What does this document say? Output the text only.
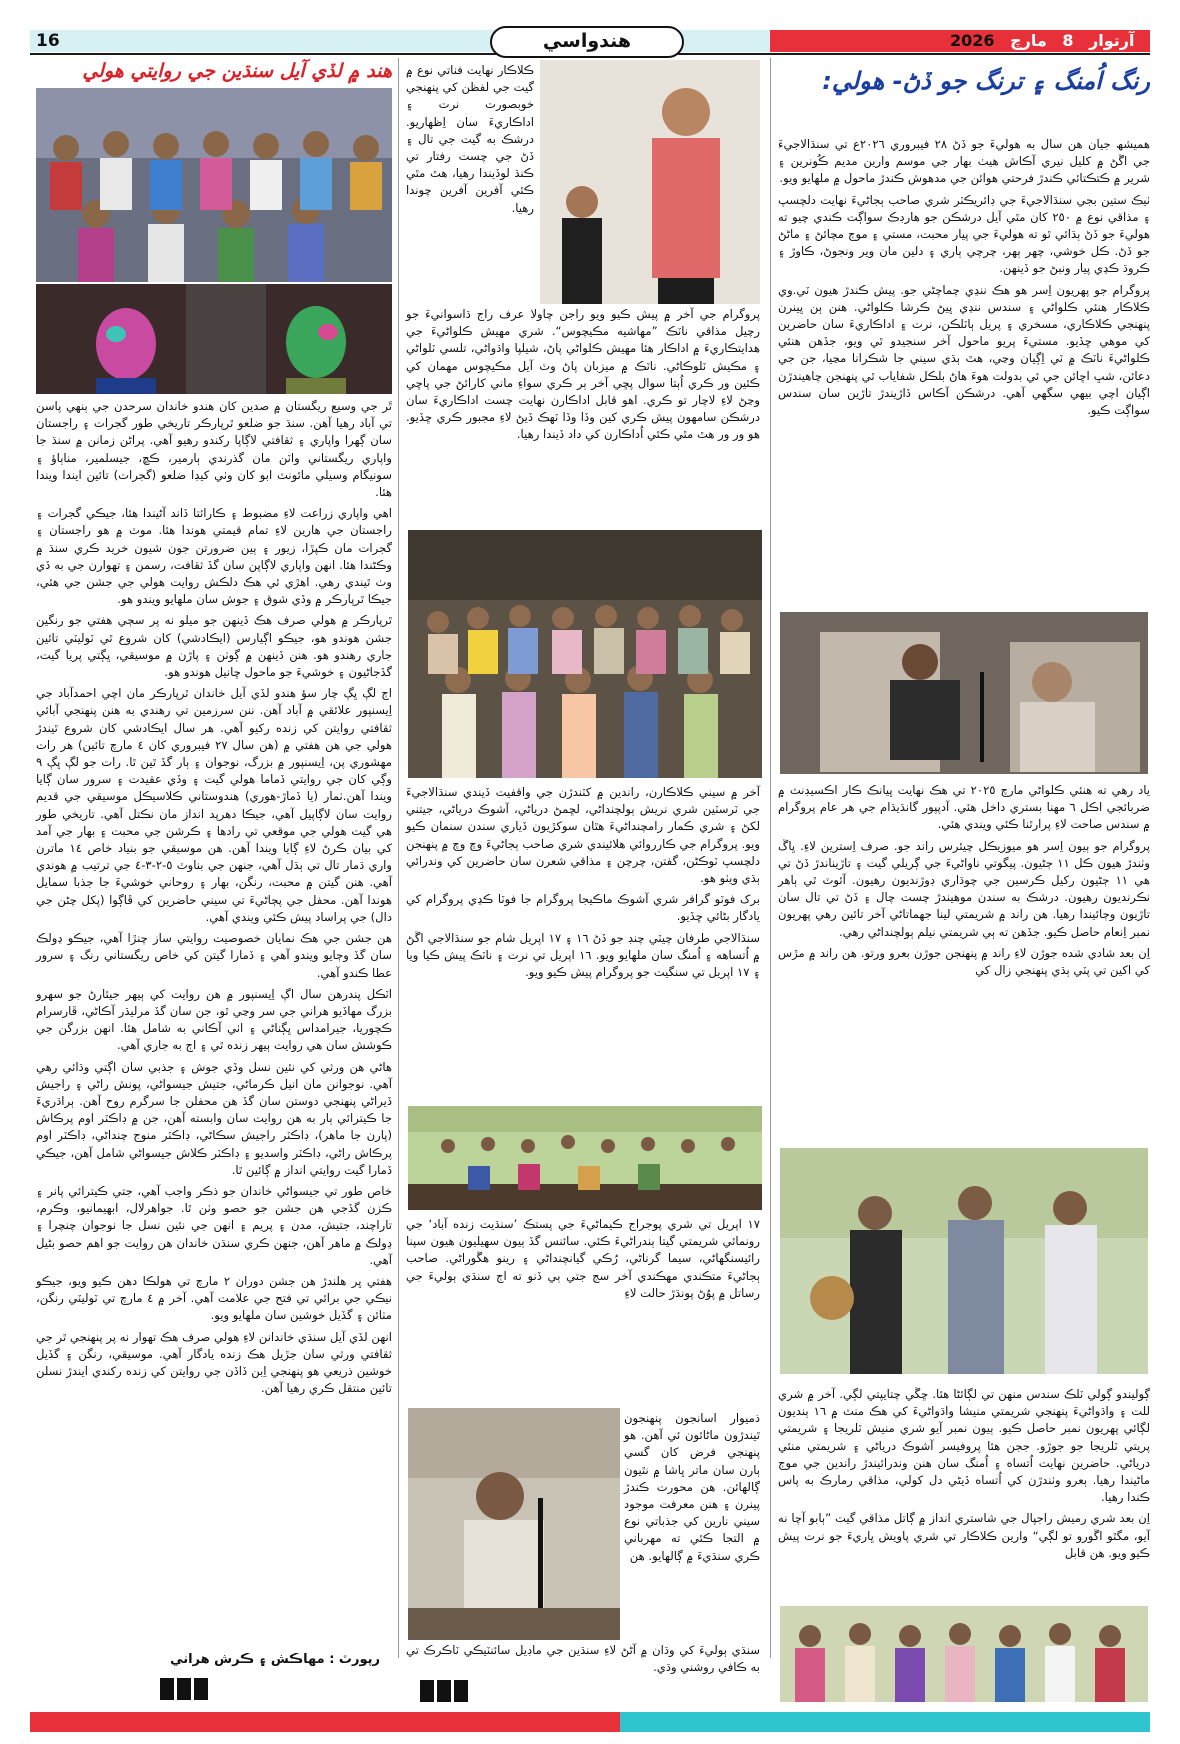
16	هندواسي	آرتوار 8 مارچ 2026
رنگ اُمنگ ۽ ترنگ جو ڏڻ- هولي:

هميشھ جيان هن سال به هوليءَ جو ڏڻ ٢٨ فيبروري ٢٠٢٦ع تي سنڌالاجيءَ جي اڱڻ ۾ کليل نيري آڪاش هيٺ بهار جي موسم وارين مديم ڪُونرين ۽ شرير ۾ ڪتڪتائي ڪندڙ فرحتي هوائن جي مدهوش ڪندڙ ماحول ۾ ملهايو ويو.

ٺيڪ ستين بجي سنڌالاجيءَ جي ڊائريڪٽر شري صاحب ٻجاڻيءَ نهايت دلچسپ ۽ مذاقي نوع ۾ ٢٥٠ کان مٿي آيل درشڪن جو هارڊڪ سواڳت ڪندي چيو ته هوليءَ جو ڏڻ ٻڌائي ٿو ته هوليءَ جي پيار محبت، مستي ۽ موڄ مچائڻ ۽ ماڻڻ جو ڏڻ. ڪل خوشي، چهر ٻهر، چرچي ٻاري ۽ دلين مان وير ونجوڻ، ڪاوڙ ۽ ڪروڌ ڪڍي پيار ونبڻ جو ڏينهن.

پروگرام جو پهريون اِسر هو هڪ ننڍي چماچڻي جو. پيش ڪندڙ هيون ٽي.وي ڪلاڪار هنئي ڪلواڻي ۽ سندس ننڍي ڀيڻ ڪرشا ڪلواڻي. هنن ٻن ڀينرن پنهنجي ڪلاڪاري، مسخري ۽ پريل ٻاٽلڪن، نرت ۽ اداڪاريءَ سان حاضرين کي موهي ڇڏيو. مستيءَ پريو ماحول آخر سنجيدو ٿي ويو، جڏهن هنئي ڪلواڻيءَ ناٽڪ ۾ ٽي اِڳيان وڃي، هٿ ٻڌي سيني جا شڪرانا مڃيا، جن جي دعائن، شڀ اڇائن جي ئي بدولت هوءَ هاڻ بلڪل شفاياب ٿي پنهنجن چاهيندڙن اڳيان اچي بيهي سگهي آهي. درشڪن آڪاس ڏاڙيندڙ تاڙين سان سندس سواڳت ڪيو.

ياد رهي ته هنئي ڪلواڻي مارچ ٢٠٢٥ تي هڪ نهايت ڀيانڪ ڪار اڪسيڊنٽ ۾ ضربائجي اڪل ٦ مهنا بستري داخل هئي. آدپپور گانڌيڌام جي هر عام پروگرام ۾ سندس صاحت لاءِ پرارٿنا ڪئي ويندي هئي.

پروگرام جو ٻيون اِسر هو ميوزيڪل چيئرس راند جو. صرف اِسترين لاءِ. ڀاڱ وٺندڙ هيون ڪل ١١ ڄڻيون. پيگوتي ناواڻيءَ جي ڳريلي گيت ۽ تاڙيناندڙ ڏڻ تي هي ١١ ڄڻيون رکيل ڪرسين جي چوڌاري ڊوڙنديون رهيون. آئوٽ ٿي ٻاهر نڪرنديون رهيون. درشڪ به سندن موهيندڙ چست چال ۽ ڏڻ تي تال سان تاڙيون وڄائيندا رهيا. هن راند ۾ شريمتي لينا جهماتاڻي آخر تائين رهي پهريون نمبر اِنعام حاصل ڪيو. جڏهن ته ٻي شريمتي نيلم ٻولچنداڻي رهي.

اِن بعد شادي شده جوڙن لاءِ راند ۾ پنهنجن جوڙن بعرو ورتو. هن راند ۾ مڙس کي اکين تي پٽي ٻڌي پنهنجي زال کي

ڳوليندو ڳولي ٽلڪ سندس منهن تي لڳائڻا هئا. ڇڱي چتايپتي لڳي. آخر ۾ شري للت ۽ واڌواڻيءَ پنهنجي شريمتي منيشا واڌواڻيءَ کي هڪ منٽ ۾ ١٦ ٻنديون لڳائي پهريون نمبر حاصل ڪيو. ٻيون نمبر آيو شري منيش ٽلريجا ۽ شريمتي پريتي ٽلريجا جو جوڙو. ججن هئا پروفيسر آشوڪ درياڻي ۽ شريمتي منئي درياڻي. حاضرين نهايت اُتساه ۽ اُمنگ سان هنن وندرائيندڙ راندين جي موڄ ماڻيندا رهيا. ٻعرو وٺندڙن کي اُتساه ڏيڻي دل کولي، مذاقي رمارڪ به پاس ڪندا رهيا.

اِن بعد شري رميش راجپال جي شاستري انداز ۾ ڳاتل مذاقي گيت ”ٻابو آچا نه آيو، مگٿو اڱورو تو لڳي“ وارين ڪلاڪار تي شري پاويش ڀاريءَ جو نرت پيش ڪيو ويو. هن قابل

ڪلاڪار نهايت فناتي نوع ۾ گيت جي لفظن کي پنهنجي خوبصورت نرت ۽ اداڪاريءَ سان اِظهاريو. درشڪ به گيت جي تال ۽ ڏڻ جي چست رفتار تي ڪنڌ لوڏيندا رهيا، هٿ مٿي ڪئي آفرين آفرين چوندا رهيا.

پروگرام جي آخر ۾ پيش ڪيو ويو راجن چاولا عرف راج ڌاسوانيءَ جو رچيل مذاقي ناٽڪ ”مهاشيه مڪيچوس“. شري مهيش ڪلواڻيءَ جي هدايتڪاريءَ ۾ اداڪار هئا مهيش ڪلواڻي پاڻ، شيلپا واڌواڻي، تلسي ٽلواڻي ۽ مڪيش ٽلوڪاڻي. ناٽڪ ۾ ميزبان پاڻ وٽ آيل مڪيچوس مهمان کي ڪئين ور ڪري اُٻتا سوال پڇي آخر ٻر ڪري سواءِ ماني کارائڻ جي پاڇي وڃڻ لاءِ لاچار تو ڪري. اهو قابل اداڪارن نهايت چست اداڪاريءَ سان درشڪن سامهون پيش ڪري کين وڏا وڏا ٽهڪ ڏيڻ لاءِ مجبور ڪري ڇڏيو. هو ور ور هٿ مٿي ڪئي اُداڪارن کي داد ڏيندا رهيا.

آخر ۾ سيني ڪلاڪارن، راندين ۾ کٽندڙن جي واقفيت ڏيندي سنڌالاجيءَ جي ٽرسٽين شري نريش ٻولچنداڻي، لڇمڻ درياڻي، آشوڪ درياڻي، جيتني لکڻ ۽ شري ڪمار رامچنداڻيءَ هٿان سوکڙيون ڏياري سندن سنمان ڪيو ويو. پروگرام جي ڪارروائي هلائيندي شري صاحب ٻجاڻيءَ وچ وچ ۾ پنهنجن دلچسپ ٽوڪڻن، گفتن، چرچن ۽ مذاقي شعرن سان حاضرين کي وندرائي ٻڌي ويٺو هو.

برک فوٽو گرافر شري آشوڪ ماڪيجا پروگرام جا فوٽا ڪڍي پروگرام کي يادگار بڻائي ڇڏيو.

سنڌالاجي طرفان چيٽي چنڊ جو ڏڻ ١٦ ۽ ١٧ اپريل شام جو سنڌالاجي اڱڻ ۾ اُتساهه ۽ اُمنگ سان ملهايو ويو. ١٦ اپريل تي نرت ۽ ناٽڪ پيش ڪيا ويا ۽ ١٧ اپريل تي سنگيت جو پروگرام پيش ڪيو ويو.

١٧ اپريل تي شري پوجراج ڪيماڻيءَ جي پستڪ ’سنڌيت زنده آباد‘ جي رونمائي شريمتي گيتا ٻندراڻيءَ ڪئي. سائنس گڏ ٻيون سهيليون هيون سپنا رائيسنگهاڻي، سيما گرناڻي، رُڪي گيانچنداڻي ۽ رينو هڱوراڻي. صاحب ٻجاڻيءَ متڪندي مهڪندي آخر سج جتي ٻي ڏنو ته اڄ سنڌي ٻوليءَ جي رساتل ۾ پوُڻ پونڌڙ حالت لاءِ

ذميوار اسانجون پنهنجون ٿيندڙون ماڻائون ئي آهن. هو پنهنجي فرض کان گسي ٻارن سان ماتر ڀاشا ۾ نٿيون ڳالهائن. هن محورت ڪندڙ پينرن ۽ هنن معرفت موجود سيني نارين کي جذباتي نوع ۾ التجا ڪئي ته مهرباني ڪري سنڌيءَ ۾ ڳالهايو. هن

سنڌي ٻوليءَ کي وڌان ۾ آڻڻ لاءِ سنڌين جي ماڊيل سائنٽيڪي ٽاڪرڪ تي به ڪافي روشني وڌي.

هند ۾ لڏي آيل سنڌين جي روايتي هولي

ٿَر جي وسيع ريگستان ۾ صدين کان هندو خاندان سرحدن جي ٻنهي پاسن تي آباد رهيا آهن. سنڌ جو ضلعو ٿرپارڪر تاريخي طور گجرات ۽ راجستان سان ڳهرا واپاري ۽ ثقافتي لاڳاپا رکندو رهيو آهي. پراڻن زمانن ۾ سنڌ جا واپاري ريگستاني واٽن مان گذرندي ٻارمير، ڪڇ، جيسلمير، مناٻاؤ ۽ سونيگام وسيلي مائونٽ ابو کان وٺي کيڊا ضلعو (گجرات) تائين ايندا ويندا هئا.

اهي واپاري زراعت لاءِ مضبوط ۽ ڪارائتا ڏاند آڻيندا هئا، جيڪي گجرات ۽ راجستان جي هارين لاءِ تمام قيمتي هوندا هئا. موٽ ۾ هو راجستان ۽ گجرات مان ڪپڙا، زيور ۽ ٻين ضرورتن جون شيون خريد ڪري سنڌ ۾ وڪڻندا هئا. انهن واپاري لاڳاپن سان گڏ ثقافت، رسمن ۽ تهوارن جي به ڏي وٺ ٿيندي رهي. اهڙي ئي هڪ دلڪش روايت هولي جي جشن جي هئي، جيڪا ٿرپارڪر ۾ وڏي شوق ۽ جوش سان ملهايو ويندو هو.

ٿرپارڪر ۾ هولي صرف هڪ ڏينهن جو ميلو نه پر سڄي هفتي جو رنگين جشن هوندو هو، جيڪو اڳيارس (ايڪادشي) کان شروع ٿي ٽوليٽي تائين جاري رهندو هو. هنن ڏينهن ۾ ڳوٺن ۽ پاڙن ۾ موسيقي، ڀڳتي پريا گيت، گڏجاڻيون ۽ خوشيءَ جو ماحول ڇانيل هوندو هو.

اڄ لڳ ڀڳ چار سؤ هندو لڏي آيل خاندان ٿرپارڪر مان اچي احمدآباد جي اِيسنپور علائقي ۾ آباد آهن. ننن سرزمين تي رهندي به هنن پنهنجي آبائي ثقافتي روايتن کي زنده رکيو آهي. هر سال ايڪادشي کان شروع ٿيندڙ هولي جي هن هفتي ۾ (هن سال ٢٧ فيبروري کان ٤ مارچ تائين) هر رات مهشوري پن، اِيسنپور ۾ بزرگ، نوجوان ۽ ٻار گڏ ٿين ٿا. رات جو لڳ ڀڳ ٩ وڳي کان جي روايتي ڏماما هولي گيت ۽ وڏي عقيدت ۽ سرور سان ڳايا ويندا آهن.ٺمار (يا ڏماڙ-هوري) هندوستاني ڪلاسيڪل موسيقي جي قديم روايت سان لاڳاپيل آهي، جيڪا دهرپد انداز مان نڪتل آهي. تاريخي طور هي گيت هولي جي موقعي تي رادها ۽ ڪرشن جي محبت ۽ بهار جي آمد کي بيان ڪرڻ لاءِ ڳايا ويندا آهن. هن موسيقي جو بنياد خاص ١٤ ماترن واري ڌمار تال تي ٻڌل آهي، جنهن جي بناوٽ ٥-٢-٣-٤ جي ترتيب ۾ هوندي آهي. هنن گيتن ۾ محبت، رنگن، بهار ۽ روحاني خوشيءَ جا جذبا سمايل هوندا آهن. محفل جي پڄاڻيءَ تي سيني حاضرين کي ڦاڳوا (پکل چڻن جي دال) جي پراساد پيش ڪئي ويندي آهي.

هن جشن جي هڪ نمايان خصوصيت روايتي ساز چنڙا آهي، جيڪو ڍولڪ سان گڏ وڄايو ويندو آهي ۽ ڏمارا گيتن کي خاص ريگستاني رنگ ۽ سرور عطا ڪندو آهي.

اٽڪل پندرهن سال اڳ اِيسنپور ۾ هن روايت کي ٻيهر جيئارڻ جو سهرو بزرگ مهاڏيو هراني جي سر وڃي ٿو، جن سان گڏ مرليڌر آڪاڻي، ڦارسرام ڪچوريا، جيرامداس ڀڳناڻي ۽ اٺي آڪاني به شامل هئا. انهن بزرگن جي ڪوشش سان هي روايت ٻيهر زنده ٿي ۽ اڄ به جاري آهي.

هاڻي هن ورثي کي نئين نسل وڏي جوش ۽ جذبي سان اڳتي وڌائي رهي آهي. نوجوانن مان انيل ڪرماڻي، جتيش جيسواڻي، پونش راڻي ۽ راجيش ڏيراڻي پنهنجي دوستن سان گڏ هن محفلن جا سرگرم روح آهن. ٻراڌريءَ جا ڪيترائي ٻار به هن روايت سان وابسته آهن، جن ۾ ڊاڪٽر اوم پرڪاش (پارن جا ماهر)، ڊاڪٽر راجيش سڪاڻي، ڊاڪٽر منوج چنداڻي، ڊاڪٽر اوم پرڪاش راڻي، ڊاڪٽر واسديو ۽ ڊاڪٽر ڪلاش جيسواڻي شامل آهن، جيڪي ڏمارا گيت روايتي انداز ۾ ڳائين ٿا.

خاص طور تي جيسواڻي خاندان جو ذڪر واجب آهي، جتي ڪيترائي پانر ۽ ڪزن گڏجي هن جشن جو حصو وٺن ٿا. جواهرلال، ابهيمانيو، وڪرم، تاراچند، جتيش، مدن ۽ پريم ۽ انهن جي نئين نسل جا نوجوان چنچرا ۽ ڍولڪ ۾ ماهر آهن، جنهن ڪري سنڌن خاندان هن روايت جو اهم حصو بڻيل آهي.

هفتي ڀر هلندڙ هن جشن دوران ٢ مارچ تي هولڪا دهن ڪيو ويو، جيڪو نيڪي جي برائي تي فتح جي علامت آهي. آخر ۾ ٤ مارچ تي ٽوليٽي رنگن، مٺائن ۽ گڏيل خوشين سان ملهايو ويو.

انهن لڏي آيل سنڌي خاندانن لاءِ هولي صرف هڪ تهوار نه پر پنهنجي ٿر جي ثقافتي ورثي سان جڙيل هڪ زنده يادگار آهي. موسيقي، رنگن ۽ گڏيل خوشين ذريعي هو پنهنجي اِبن ڏاڏن جي روايتن کي زنده رکندي ايندڙ نسلن تائين منتقل ڪري رهيا آهن.

رپورٽ : مهاڪش ۽ ڪرش هراني
